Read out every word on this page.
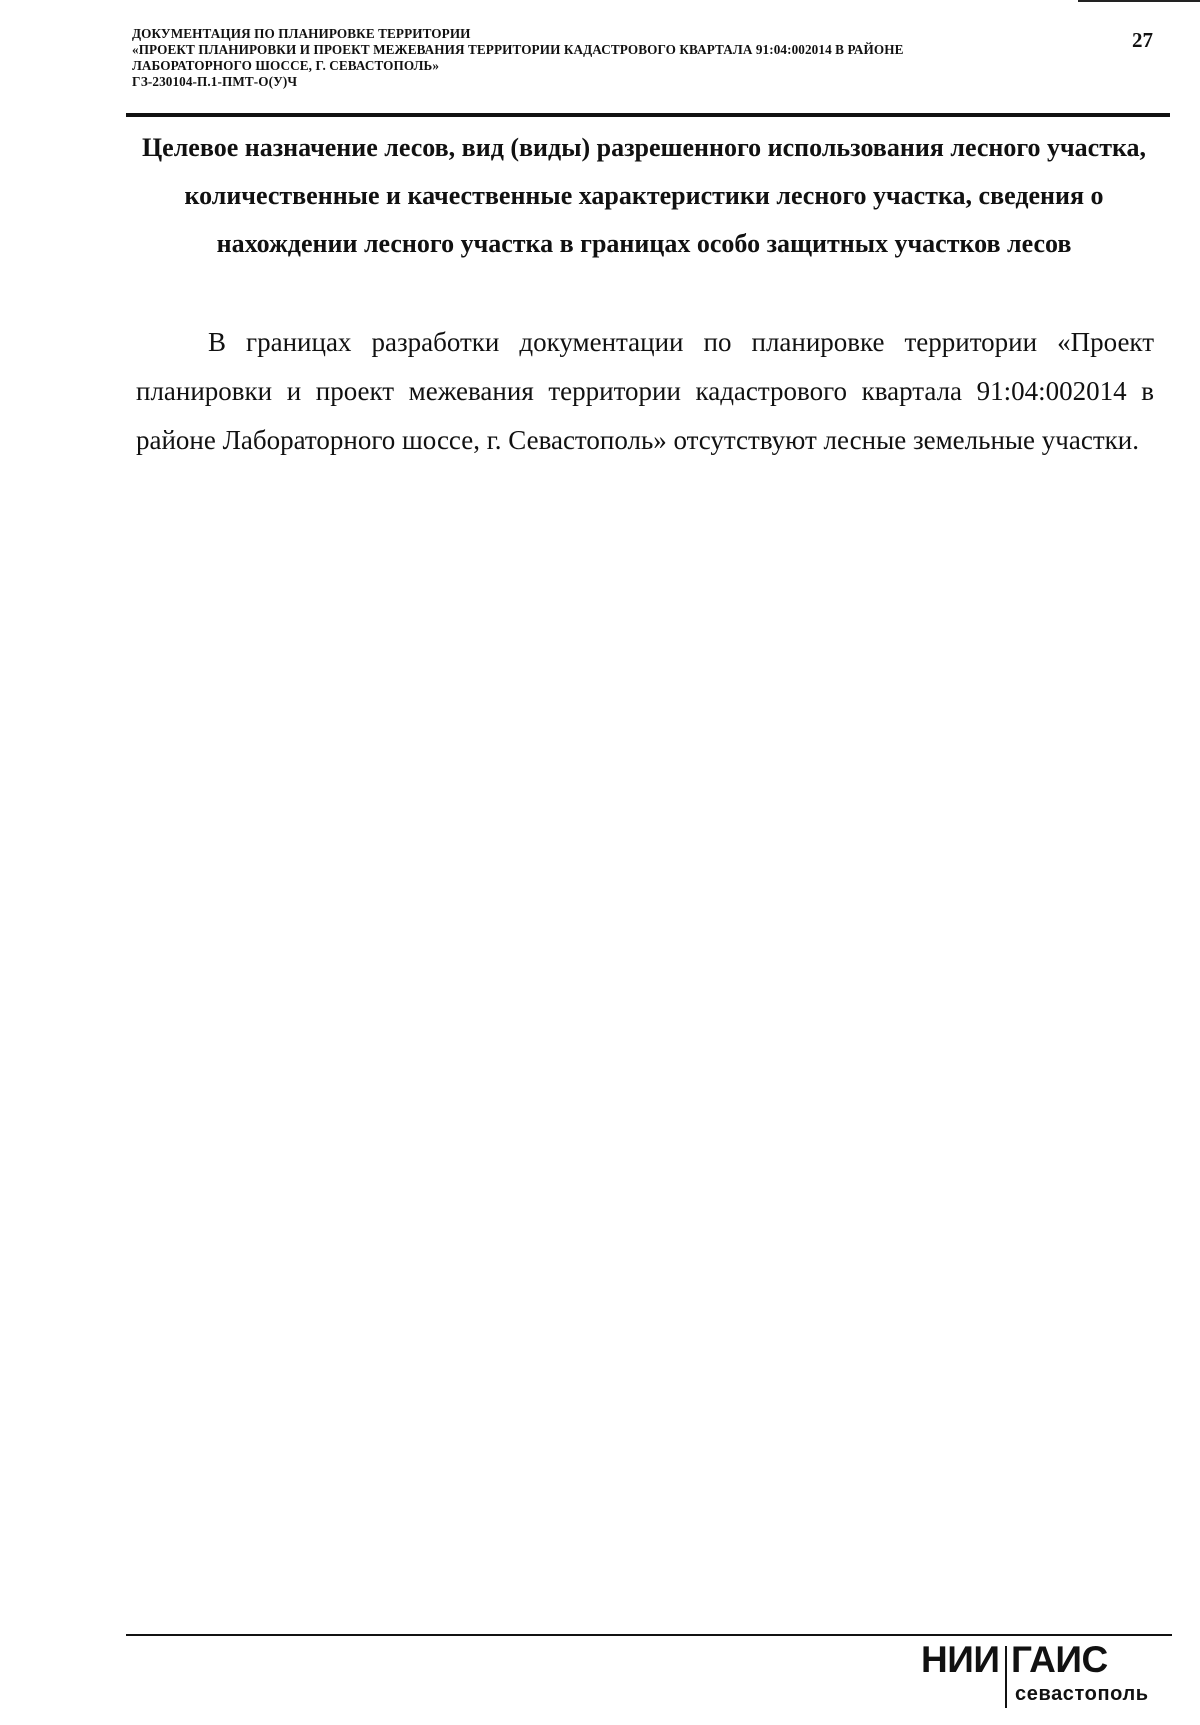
ДОКУМЕНТАЦИЯ ПО ПЛАНИРОВКЕ ТЕРРИТОРИИ
«ПРОЕКТ ПЛАНИРОВКИ И ПРОЕКТ МЕЖЕВАНИЯ ТЕРРИТОРИИ КАДАСТРОВОГО КВАРТАЛА 91:04:002014 В РАЙОНЕ
ЛАБОРАТОРНОГО ШОССЕ, Г. СЕВАСТОПОЛЬ»
ГЗ-230104-П.1-ПМТ-О(У)Ч
27
Целевое назначение лесов, вид (виды) разрешенного использования лесного участка, количественные и качественные характеристики лесного участка, сведения о нахождении лесного участка в границах особо защитных участков лесов

В границах разработки документации по планировке территории «Проект планировки и проект межевания территории кадастрового квартала 91:04:002014 в районе Лабораторного шоссе, г. Севастополь» отсутствуют лесные земельные участки.

НИИ ГАИС
севастополь
